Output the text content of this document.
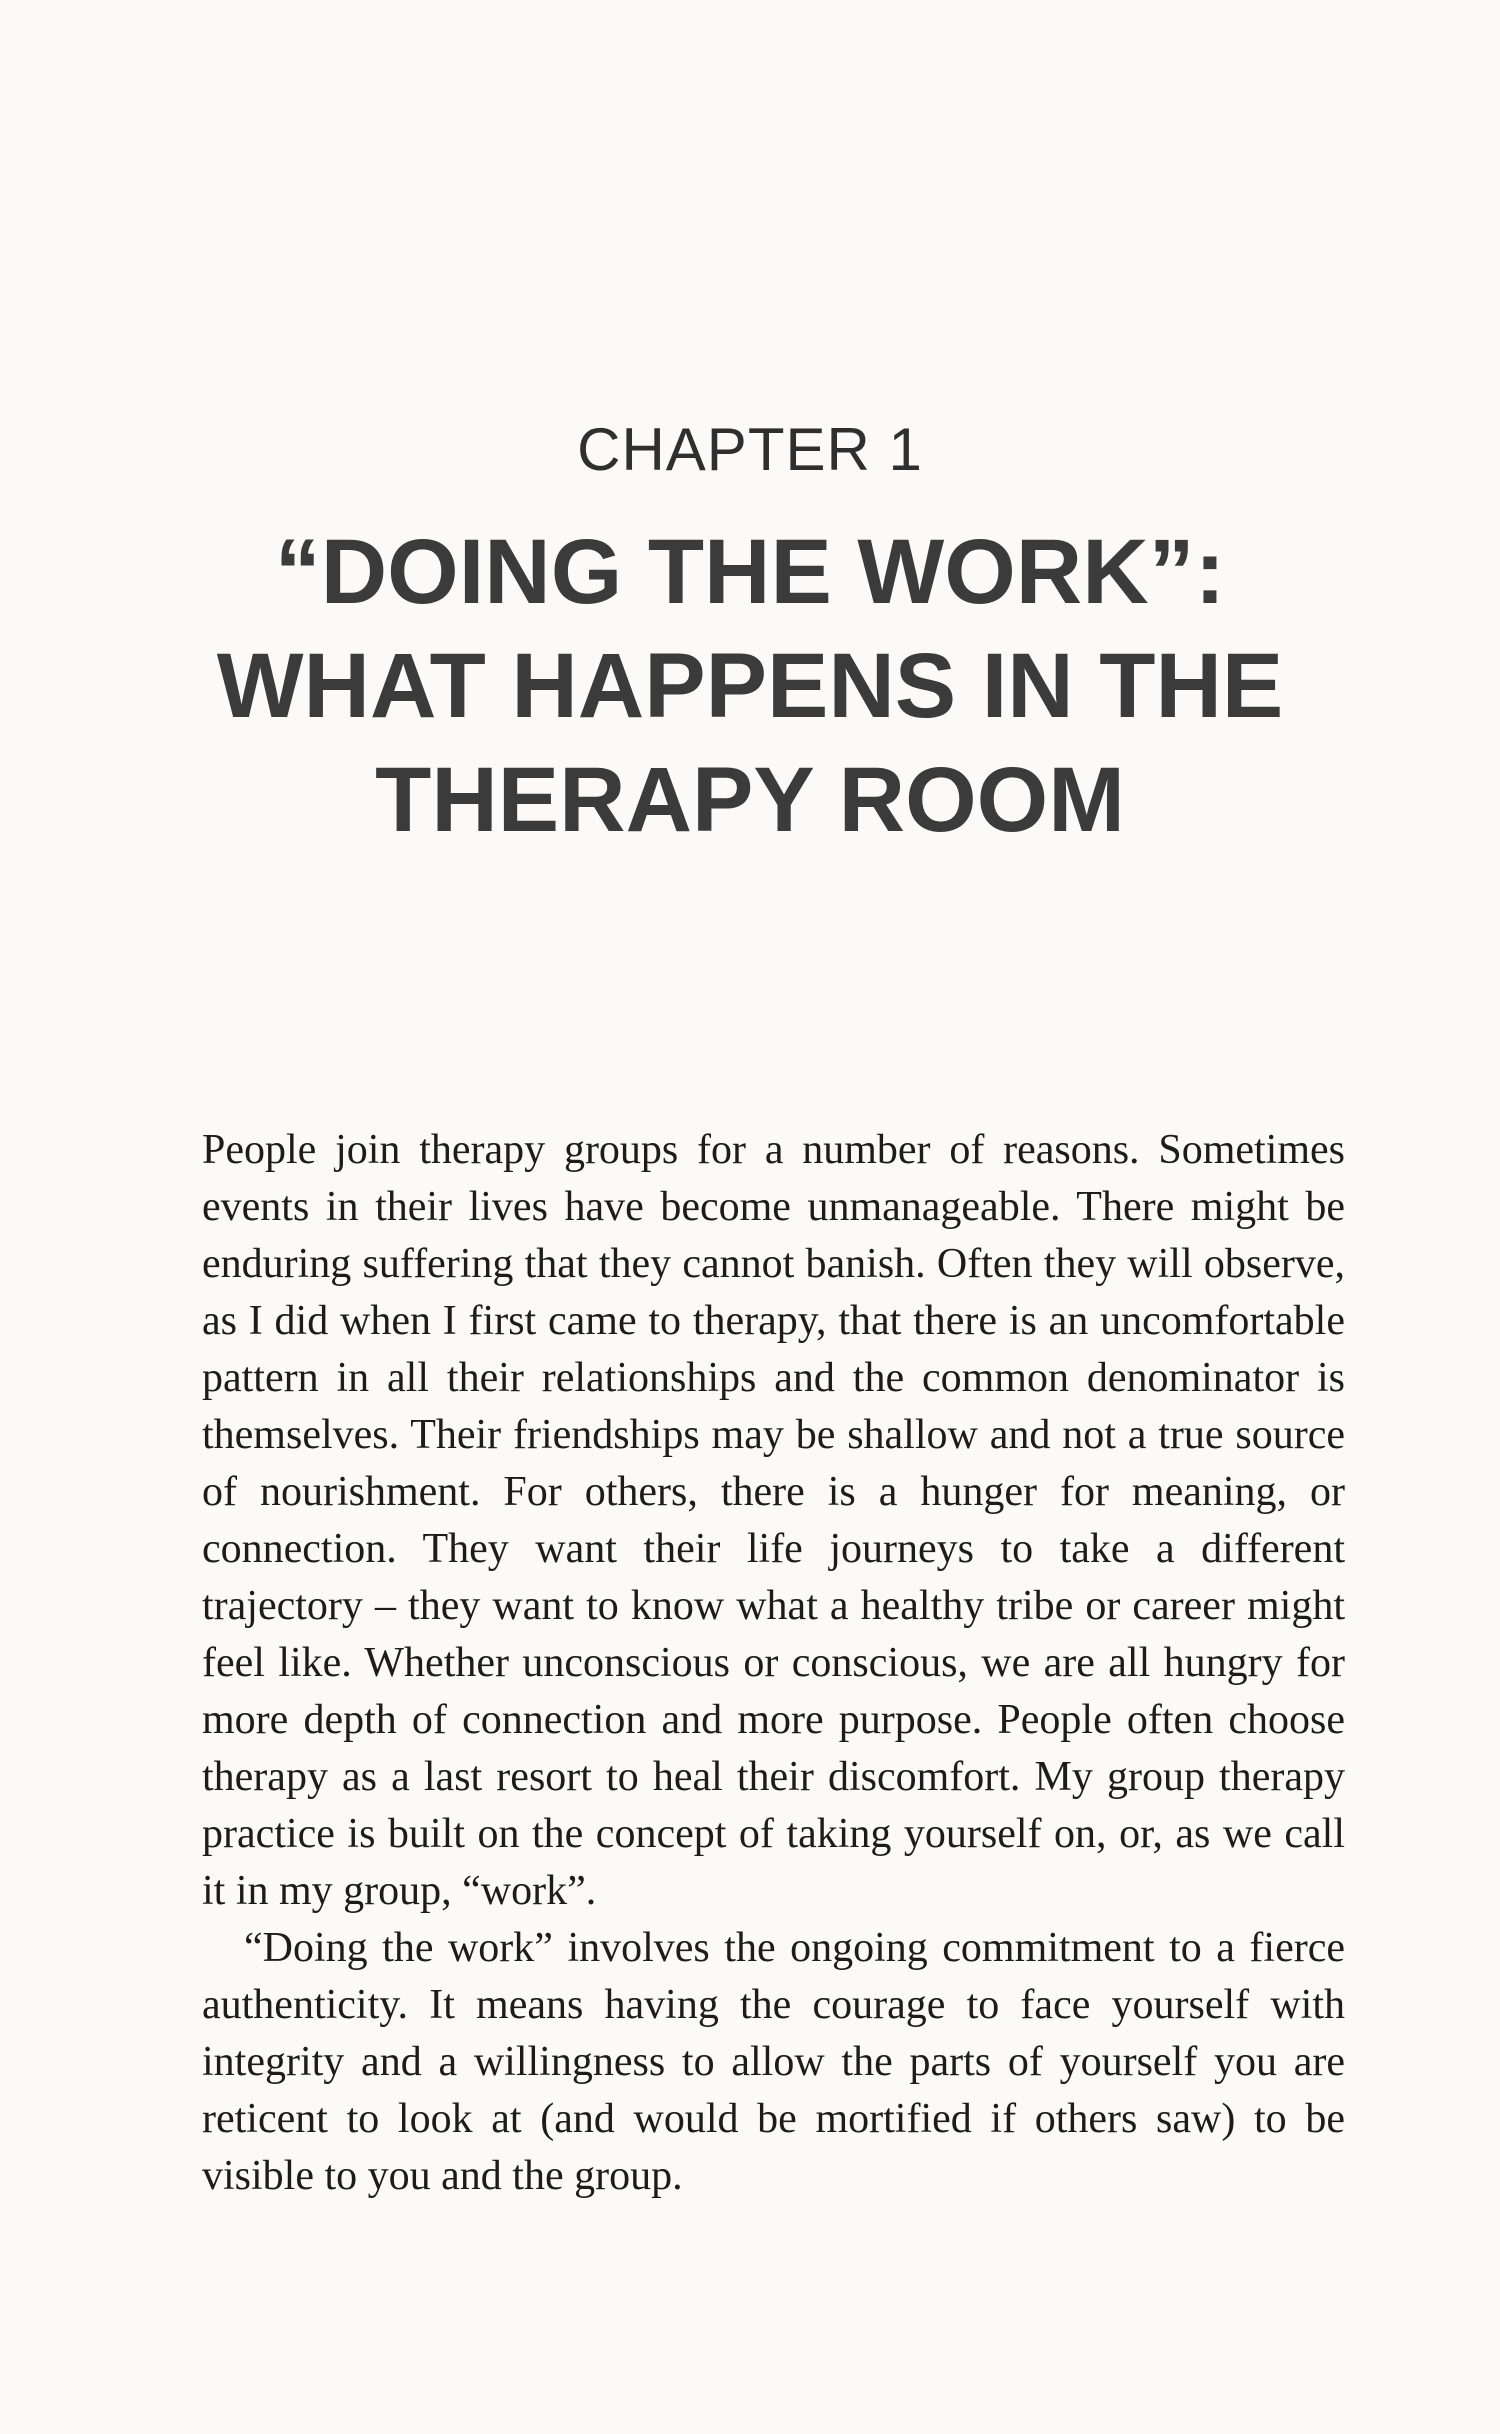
CHAPTER 1
“DOING THE WORK”:
WHAT HAPPENS IN THE
THERAPY ROOM

People join therapy groups for a number of reasons. Sometimes events in their lives have become unmanageable. There might be enduring suffering that they cannot banish. Often they will observe, as I did when I first came to therapy, that there is an uncomfortable pattern in all their relationships and the common denominator is themselves. Their friendships may be shallow and not a true source of nourishment. For others, there is a hunger for meaning, or connection. They want their life journeys to take a different trajectory – they want to know what a healthy tribe or career might feel like. Whether unconscious or conscious, we are all hungry for more depth of connection and more purpose. People often choose therapy as a last resort to heal their discomfort. My group therapy practice is built on the concept of taking yourself on, or, as we call it in my group, “work”.

“Doing the work” involves the ongoing commitment to a fierce authenticity. It means having the courage to face yourself with integrity and a willingness to allow the parts of yourself you are reticent to look at (and would be mortified if others saw) to be visible to you and the group.
